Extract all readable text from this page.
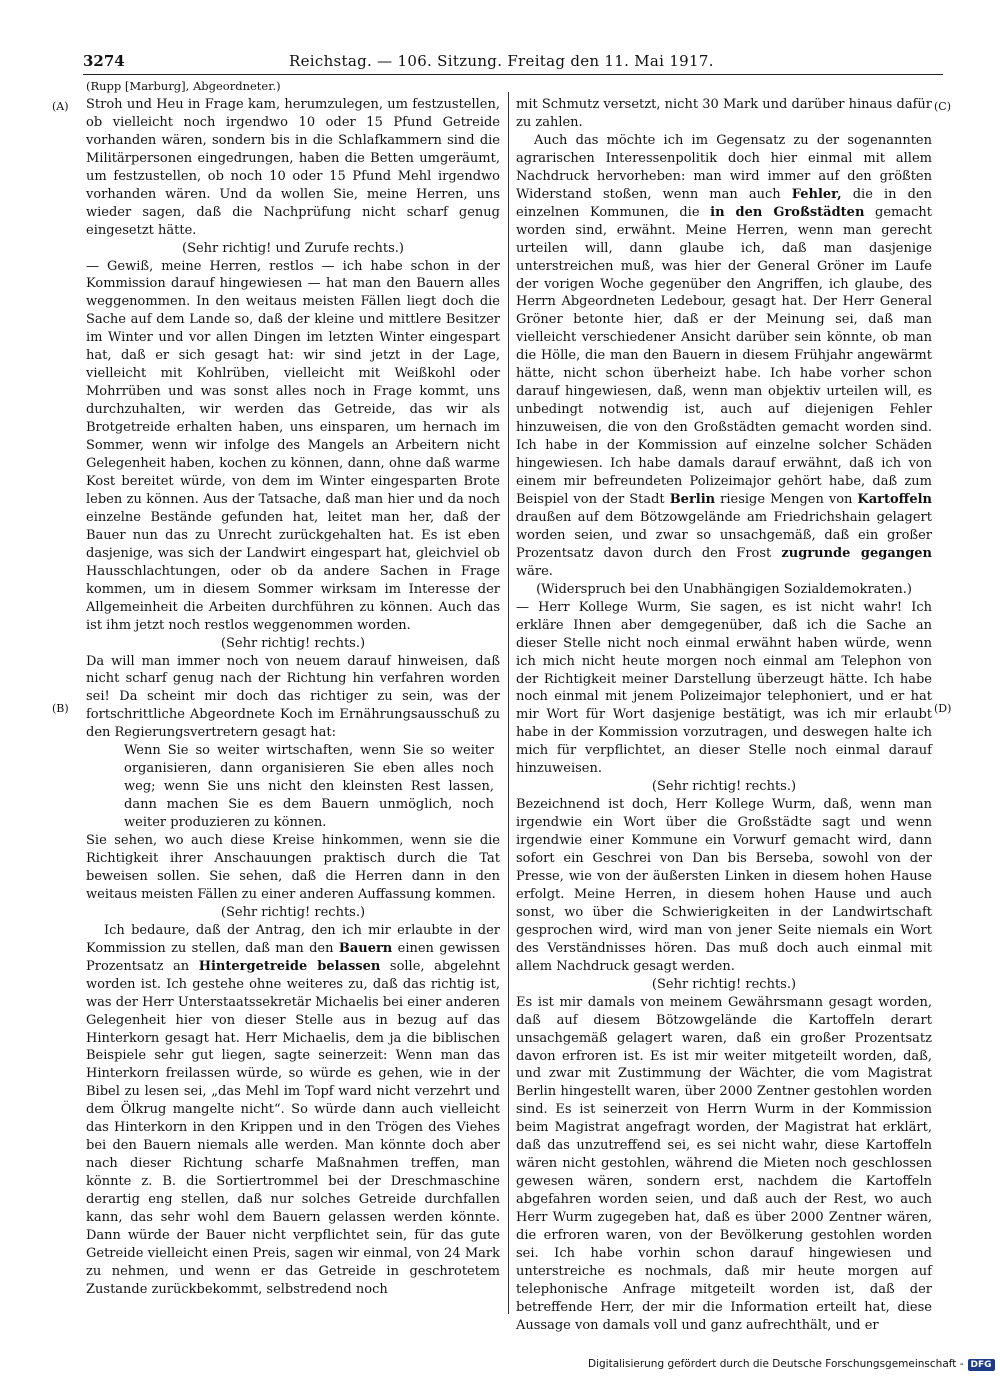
3274	Reichstag. — 106. Sitzung. Freitag den 11. Mai 1917.
(A)
(B)
(C)
(D)

(Rupp [Marburg], Abgeordneter.)

Stroh und Heu in Frage kam, herumzulegen, um festzustellen, ob vielleicht noch irgendwo 10 oder 15 Pfund Getreide vorhanden wären, sondern bis in die Schlafkammern sind die Militärpersonen eingedrungen, haben die Betten umgeräumt, um festzustellen, ob noch 10 oder 15 Pfund Mehl irgendwo vorhanden wären. Und da wollen Sie, meine Herren, uns wieder sagen, daß die Nachprüfung nicht scharf genug eingesetzt hätte.

(Sehr richtig! und Zurufe rechts.)

— Gewiß, meine Herren, restlos — ich habe schon in der Kommission darauf hingewiesen — hat man den Bauern alles weggenommen. In den weitaus meisten Fällen liegt doch die Sache auf dem Lande so, daß der kleine und mittlere Besitzer im Winter und vor allen Dingen im letzten Winter eingespart hat, daß er sich gesagt hat: wir sind jetzt in der Lage, vielleicht mit Kohlrüben, vielleicht mit Weißkohl oder Mohrrüben und was sonst alles noch in Frage kommt, uns durchzuhalten, wir werden das Getreide, das wir als Brotgetreide erhalten haben, uns einsparen, um hernach im Sommer, wenn wir infolge des Mangels an Arbeitern nicht Gelegenheit haben, kochen zu können, dann, ohne daß warme Kost bereitet würde, von dem im Winter eingesparten Brote leben zu können. Aus der Tatsache, daß man hier und da noch einzelne Bestände gefunden hat, leitet man her, daß der Bauer nun das zu Unrecht zurückgehalten hat. Es ist eben dasjenige, was sich der Landwirt eingespart hat, gleichviel ob Hausschlachtungen, oder ob da andere Sachen in Frage kommen, um in diesem Sommer wirksam im Interesse der Allgemeinheit die Arbeiten durchführen zu können. Auch das ist ihm jetzt noch restlos weggenommen worden.

(Sehr richtig! rechts.)

Da will man immer noch von neuem darauf hinweisen, daß nicht scharf genug nach der Richtung hin verfahren worden sei! Da scheint mir doch das richtiger zu sein, was der fortschrittliche Abgeordnete Koch im Ernährungsausschuß zu den Regierungsvertretern gesagt hat:

Wenn Sie so weiter wirtschaften, wenn Sie so weiter organisieren, dann organisieren Sie eben alles noch weg; wenn Sie uns nicht den kleinsten Rest lassen, dann machen Sie es dem Bauern unmöglich, noch weiter produzieren zu können.

Sie sehen, wo auch diese Kreise hinkommen, wenn sie die Richtigkeit ihrer Anschauungen praktisch durch die Tat beweisen sollen. Sie sehen, daß die Herren dann in den weitaus meisten Fällen zu einer anderen Auffassung kommen.

(Sehr richtig! rechts.)

Ich bedaure, daß der Antrag, den ich mir erlaubte in der Kommission zu stellen, daß man den Bauern einen gewissen Prozentsatz an Hintergetreide belassen solle, abgelehnt worden ist. Ich gestehe ohne weiteres zu, daß das richtig ist, was der Herr Unterstaatssekretär Michaelis bei einer anderen Gelegenheit hier von dieser Stelle aus in bezug auf das Hinterkorn gesagt hat. Herr Michaelis, dem ja die biblischen Beispiele sehr gut liegen, sagte seinerzeit: Wenn man das Hinterkorn freilassen würde, so würde es gehen, wie in der Bibel zu lesen sei, „das Mehl im Topf ward nicht verzehrt und dem Ölkrug mangelte nicht“. So würde dann auch vielleicht das Hinterkorn in den Krippen und in den Trögen des Viehes bei den Bauern niemals alle werden. Man könnte doch aber nach dieser Richtung scharfe Maßnahmen treffen, man könnte z. B. die Sortiertrommel bei der Dreschmaschine derartig eng stellen, daß nur solches Getreide durchfallen kann, das sehr wohl dem Bauern gelassen werden könnte. Dann würde der Bauer nicht verpflichtet sein, für das gute Getreide vielleicht einen Preis, sagen wir einmal, von 24 Mark zu nehmen, und wenn er das Getreide in geschrotetem Zustande zurückbekommt, selbstredend noch

mit Schmutz versetzt, nicht 30 Mark und darüber hinaus dafür zu zahlen.

Auch das möchte ich im Gegensatz zu der sogenannten agrarischen Interessenpolitik doch hier einmal mit allem Nachdruck hervorheben: man wird immer auf den größten Widerstand stoßen, wenn man auch Fehler, die in den einzelnen Kommunen, die in den Großstädten gemacht worden sind, erwähnt. Meine Herren, wenn man gerecht urteilen will, dann glaube ich, daß man dasjenige unterstreichen muß, was hier der General Gröner im Laufe der vorigen Woche gegenüber den Angriffen, ich glaube, des Herrn Abgeordneten Ledebour, gesagt hat. Der Herr General Gröner betonte hier, daß er der Meinung sei, daß man vielleicht verschiedener Ansicht darüber sein könnte, ob man die Hölle, die man den Bauern in diesem Frühjahr angewärmt hätte, nicht schon überheizt habe. Ich habe vorher schon darauf hingewiesen, daß, wenn man objektiv urteilen will, es unbedingt notwendig ist, auch auf diejenigen Fehler hinzuweisen, die von den Großstädten gemacht worden sind. Ich habe in der Kommission auf einzelne solcher Schäden hingewiesen. Ich habe damals darauf erwähnt, daß ich von einem mir befreundeten Polizeimajor gehört habe, daß zum Beispiel von der Stadt Berlin riesige Mengen von Kartoffeln draußen auf dem Bötzowgelände am Friedrichshain gelagert worden seien, und zwar so unsachgemäß, daß ein großer Prozentsatz davon durch den Frost zugrunde gegangen wäre.

(Widerspruch bei den Unabhängigen Sozialdemokraten.)

— Herr Kollege Wurm, Sie sagen, es ist nicht wahr! Ich erkläre Ihnen aber demgegenüber, daß ich die Sache an dieser Stelle nicht noch einmal erwähnt haben würde, wenn ich mich nicht heute morgen noch einmal am Telephon von der Richtigkeit meiner Darstellung überzeugt hätte. Ich habe noch einmal mit jenem Polizeimajor telephoniert, und er hat mir Wort für Wort dasjenige bestätigt, was ich mir erlaubt habe in der Kommission vorzutragen, und deswegen halte ich mich für verpflichtet, an dieser Stelle noch einmal darauf hinzuweisen.

(Sehr richtig! rechts.)

Bezeichnend ist doch, Herr Kollege Wurm, daß, wenn man irgendwie ein Wort über die Großstädte sagt und wenn irgendwie einer Kommune ein Vorwurf gemacht wird, dann sofort ein Geschrei von Dan bis Berseba, sowohl von der Presse, wie von der äußersten Linken in diesem hohen Hause erfolgt. Meine Herren, in diesem hohen Hause und auch sonst, wo über die Schwierigkeiten in der Landwirtschaft gesprochen wird, wird man von jener Seite niemals ein Wort des Verständnisses hören. Das muß doch auch einmal mit allem Nachdruck gesagt werden.

(Sehr richtig! rechts.)

Es ist mir damals von meinem Gewährsmann gesagt worden, daß auf diesem Bötzowgelände die Kartoffeln derart unsachgemäß gelagert waren, daß ein großer Prozentsatz davon erfroren ist. Es ist mir weiter mitgeteilt worden, daß, und zwar mit Zustimmung der Wächter, die vom Magistrat Berlin hingestellt waren, über 2000 Zentner gestohlen worden sind. Es ist seinerzeit von Herrn Wurm in der Kommission beim Magistrat angefragt worden, der Magistrat hat erklärt, daß das unzutreffend sei, es sei nicht wahr, diese Kartoffeln wären nicht gestohlen, während die Mieten noch geschlossen gewesen wären, sondern erst, nachdem die Kartoffeln abgefahren worden seien, und daß auch der Rest, wo auch Herr Wurm zugegeben hat, daß es über 2000 Zentner wären, die erfroren waren, von der Bevölkerung gestohlen worden sei. Ich habe vorhin schon darauf hingewiesen und unterstreiche es nochmals, daß mir heute morgen auf telephonische Anfrage mitgeteilt worden ist, daß der betreffende Herr, der mir die Information erteilt hat, diese Aussage von damals voll und ganz aufrechthält, und er

Digitalisierung gefördert durch die Deutsche Forschungsgemeinschaft - DFG
